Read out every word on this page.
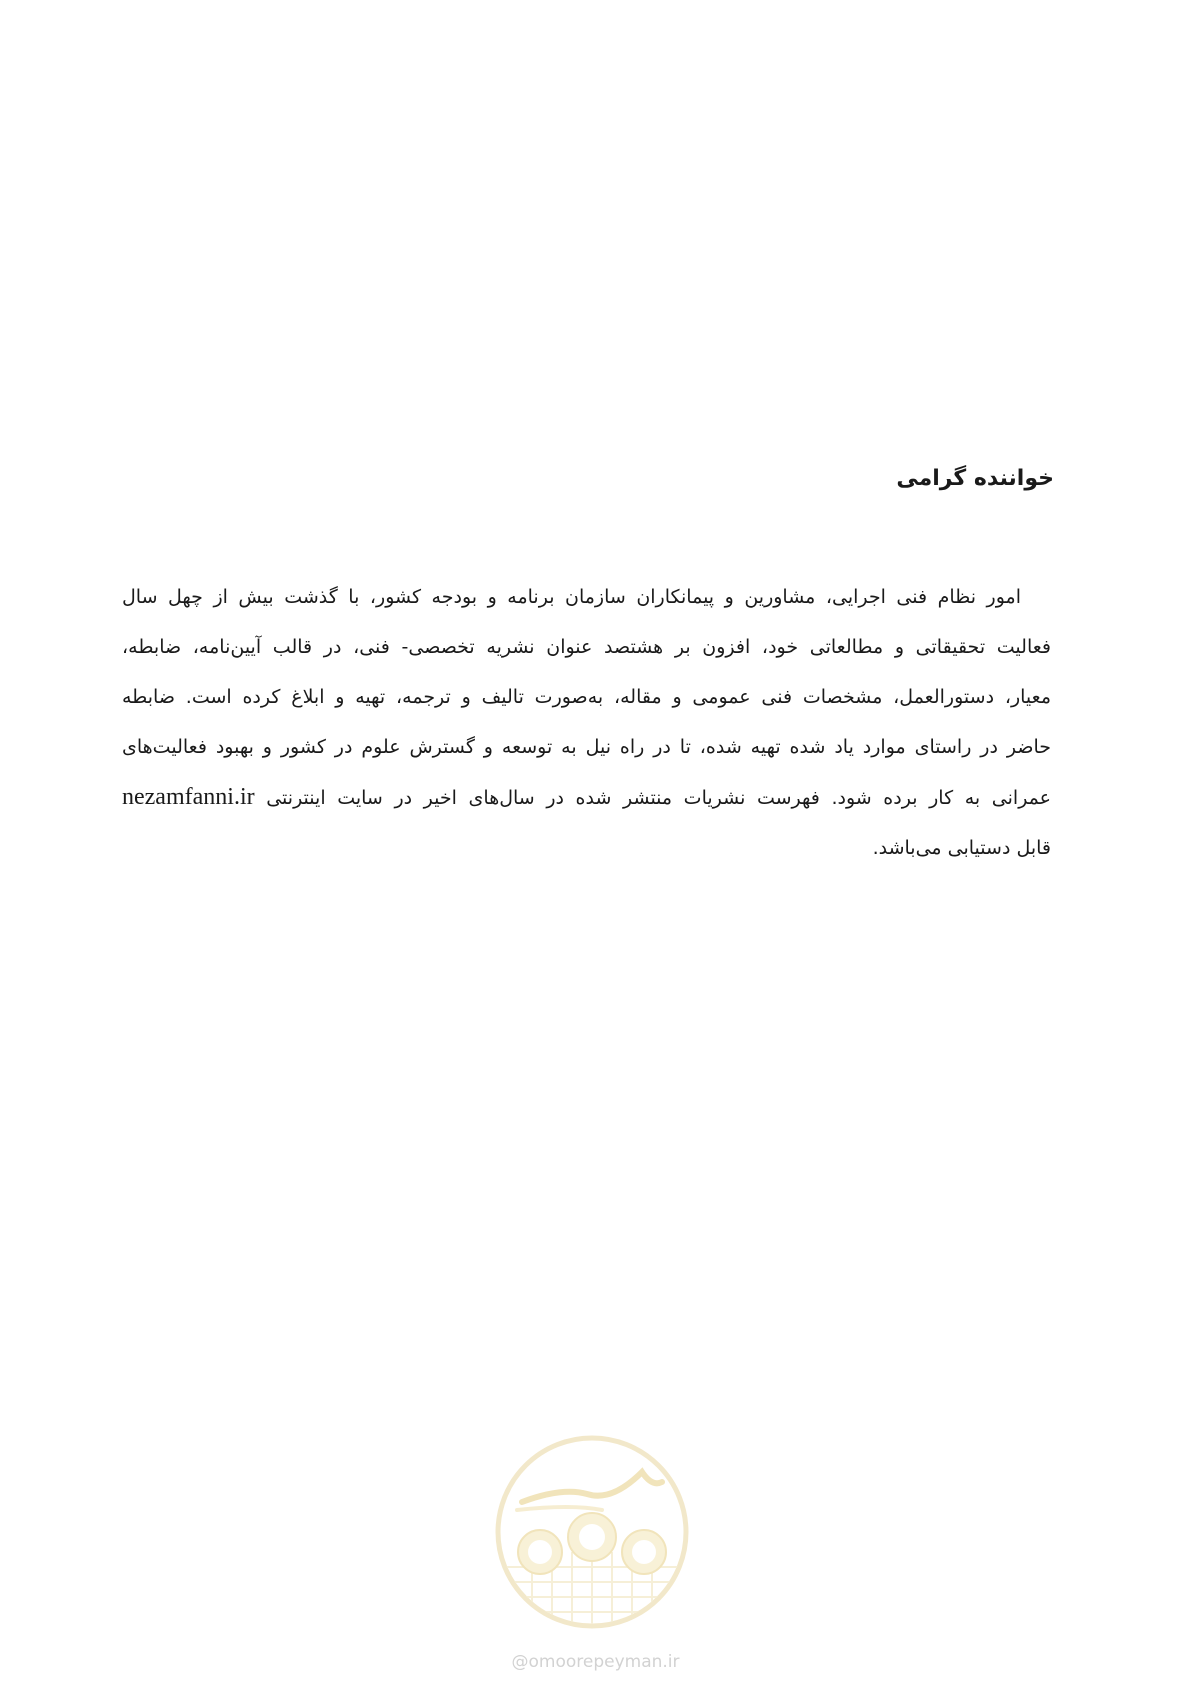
خواننده گرامی
امور نظام فنی اجرایی، مشاورین و پیمانکاران سازمان برنامه و بودجه کشور، با گذشت بیش از چهل سال
فعالیت تحقیقاتی و مطالعاتی خود، افزون بر هشتصد عنوان نشریه تخصصی- فنی، در قالب آیین‌نامه، ضابطه،
معیار، دستورالعمل، مشخصات فنی عمومی و مقاله، به‌صورت تالیف و ترجمه، تهیه و ابلاغ کرده است. ضابطه
حاضر در راستای موارد یاد شده تهیه شده، تا در راه نیل به توسعه و گسترش علوم در کشور و بهبود فعالیت‌های
عمرانی به کار برده شود. فهرست نشریات منتشر شده در سال‌های اخیر در سایت اینترنتی nezamfanni.ir
قابل دستیابی می‌باشد.
@omoorepeyman.ir
